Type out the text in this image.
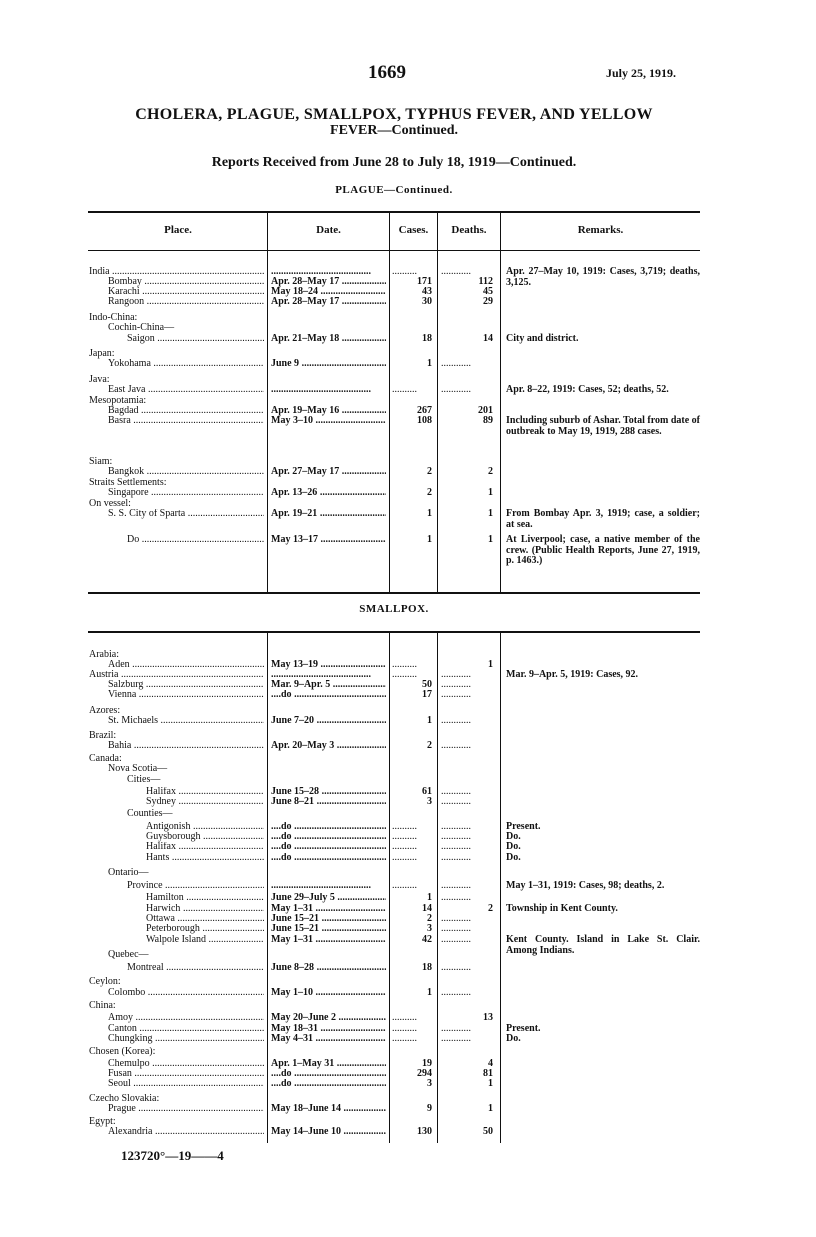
1669	July 25, 1919.
CHOLERA, PLAGUE, SMALLPOX, TYPHUS FEVER, AND YELLOW
FEVER—Continued.
Reports Received from June 28 to July 18, 1919—Continued.
PLAGUE—Continued.
Place.	Date.	Cases.	Deaths.	Remarks.
India ..... .....	..........	............	Apr. 27–May 10, 1919: Cases, 3,719; deaths, 3,125.
Bombay .....	Apr. 28–May 17 .....	171	112
Karachi .....	May 18–24 .....	43	45
Rangoon .....	Apr. 28–May 17 .....	30	29
Indo-China:
Cochin-China—
Saigon .....	Apr. 21–May 18 .....	18	14 City and district.
Japan:
Yokohama .....	June 9 .....	1 ............
Java:
East Java ..... .....	..........	............	Apr. 8–22, 1919: Cases, 52; deaths, 52.
Mesopotamia:
Bagdad .....	Apr. 19–May 16 .....	267	201
Basra .....	May 3–10 .....	108	89 Including suburb of Ashar. Total from date of outbreak to May 19, 1919, 288 cases.
Siam:
Bangkok .....	Apr. 27–May 17 .....	2	2
Straits Settlements:
Singapore .....	Apr. 13–26 .....	2	1
On vessel:
S. S. City of Sparta .....	Apr. 19–21 .....	1	1 From Bombay Apr. 3, 1919; case, a soldier; at sea.
Do .....	May 13–17 .....	1	1 At Liverpool; case, a native member of the crew. (Public Health Reports, June 27, 1919, p. 1463.)
SMALLPOX.
Arabia:
Aden .....	May 13–19 .....	..........	1
Austria ..... .....	..........	............	Mar. 9–Apr. 5, 1919: Cases, 92.
Salzburg .....	Mar. 9–Apr. 5 .....	50 ............
Vienna .....	....do .....	17 ............
Azores:
St. Michaels .....	June 7–20 .....	1 ............
Brazil:
Bahia .....	Apr. 20–May 3 .....	2 ............
Canada:
Nova Scotia—
Cities—
Halifax .....	June 15–28 .....	61 ............
Sydney .....	June 8–21 .....	3 ............
Counties—
Antigonish .....	....do .....	..........	............	Present.
Guysborough .....	....do .....	..........	............	Do.
Halifax .....	....do .....	..........	............	Do.
Hants .....	....do .....	..........	............	Do.
Ontario—
Province ..... .....	..........	............	May 1–31, 1919: Cases, 98; deaths, 2.
Hamilton .....	June 29–July 5 .....	1 ............
Harwich .....	May 1–31 .....	14	2 Township in Kent County.
Ottawa .....	June 15–21 .....	2 ............
Peterborough .....	June 15–21 .....	3 ............
Walpole Island .....	May 1–31 .....	42 ............	Kent County. Island in Lake St. Clair. Among Indians.
Quebec—
Montreal .....	June 8–28 .....	18 ............
Ceylon:
Colombo .....	May 1–10 .....	1 ............
China:
Amoy .....	May 20–June 2 .....	..........	13
Canton .....	May 18–31 .....	..........	............	Present.
Chungking .....	May 4–31 .....	..........	............	Do.
Chosen (Korea):
Chemulpo .....	Apr. 1–May 31 .....	19	4
Fusan .....	....do .....	294	81
Seoul .....	....do .....	3	1
Czecho Slovakia:
Prague .....	May 18–June 14 .....	9	1
Egypt:
Alexandria .....	May 14–June 10 .....	130	50
123720°—19——4
